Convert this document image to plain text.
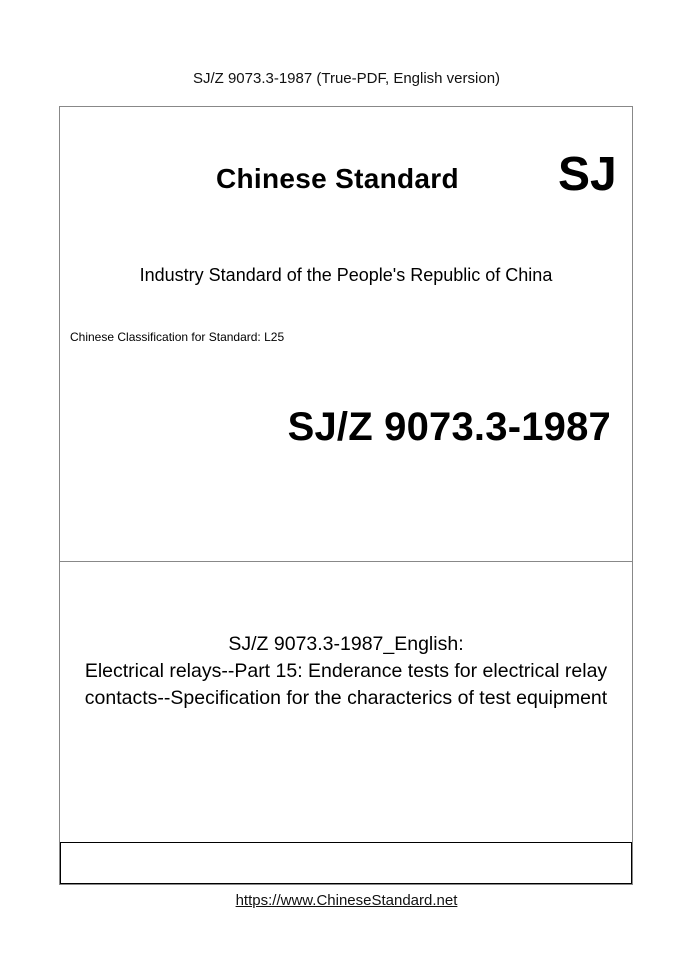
SJ/Z 9073.3-1987 (True-PDF, English version)
Chinese Standard SJ
Industry Standard of the People's Republic of China
Chinese Classification for Standard: L25
SJ/Z 9073.3-1987
SJ/Z 9073.3-1987_English:
Electrical relays--Part 15: Enderance tests for electrical relay
contacts--Specification for the characterics of test equipment
https://www.ChineseStandard.net
